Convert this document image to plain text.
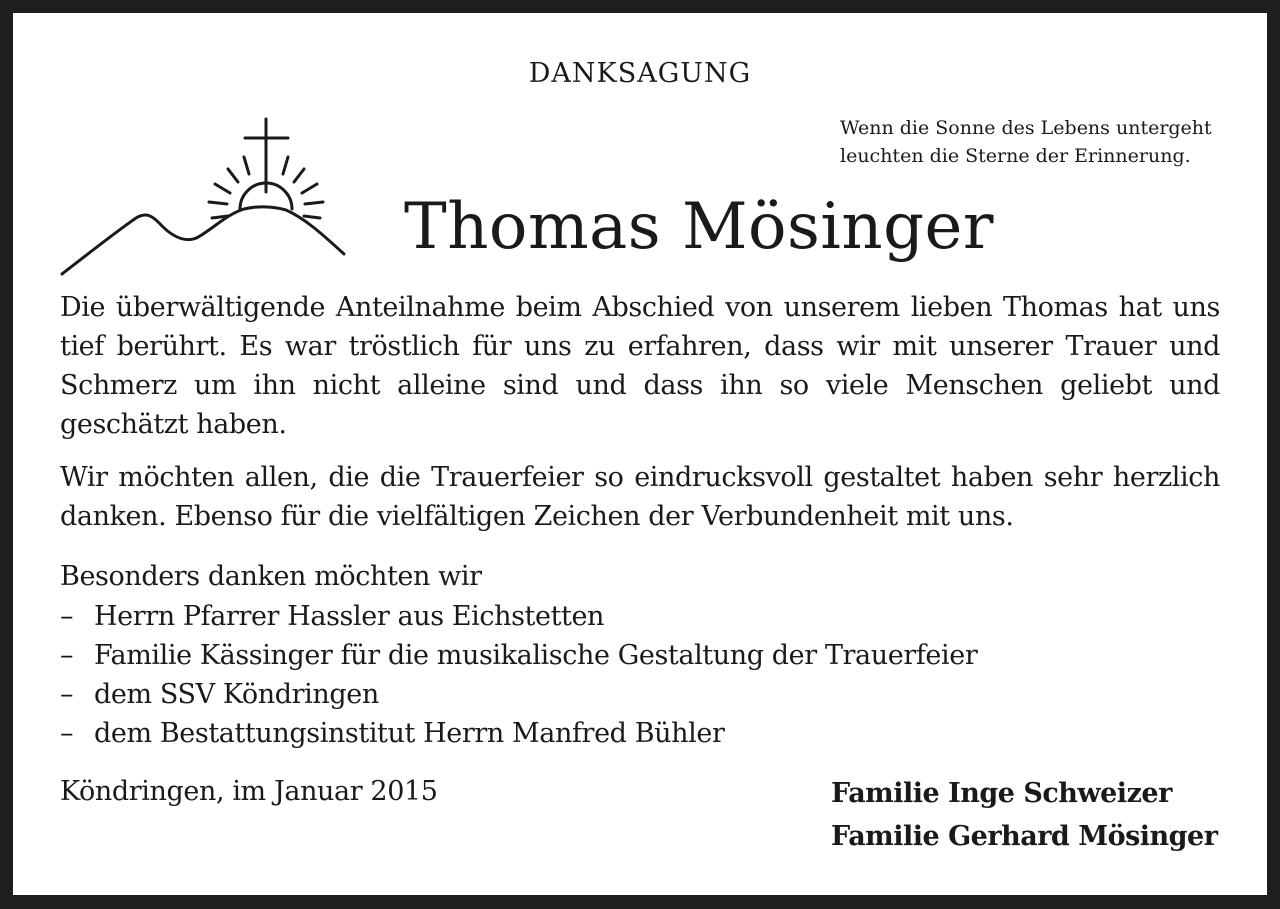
DANKSAGUNG
Wenn die Sonne des Lebens untergeht
leuchten die Sterne der Erinnerung.
Thomas Mösinger
Die überwältigende Anteilnahme beim Abschied von unserem lieben Thomas hat uns tief berührt. Es war tröstlich für uns zu erfahren, dass wir mit unserer Trauer und Schmerz um ihn nicht alleine sind und dass ihn so viele Menschen geliebt und geschätzt haben.
Wir möchten allen, die die Trauerfeier so eindrucksvoll gestaltet haben sehr herzlich danken. Ebenso für die vielfältigen Zeichen der Verbundenheit mit uns.
Besonders danken möchten wir
– Herrn Pfarrer Hassler aus Eichstetten
– Familie Kässinger für die musikalische Gestaltung der Trauerfeier
– dem SSV Köndringen
– dem Bestattungsinstitut Herrn Manfred Bühler
Köndringen, im Januar 2015	Familie Inge Schweizer
Familie Gerhard Mösinger
